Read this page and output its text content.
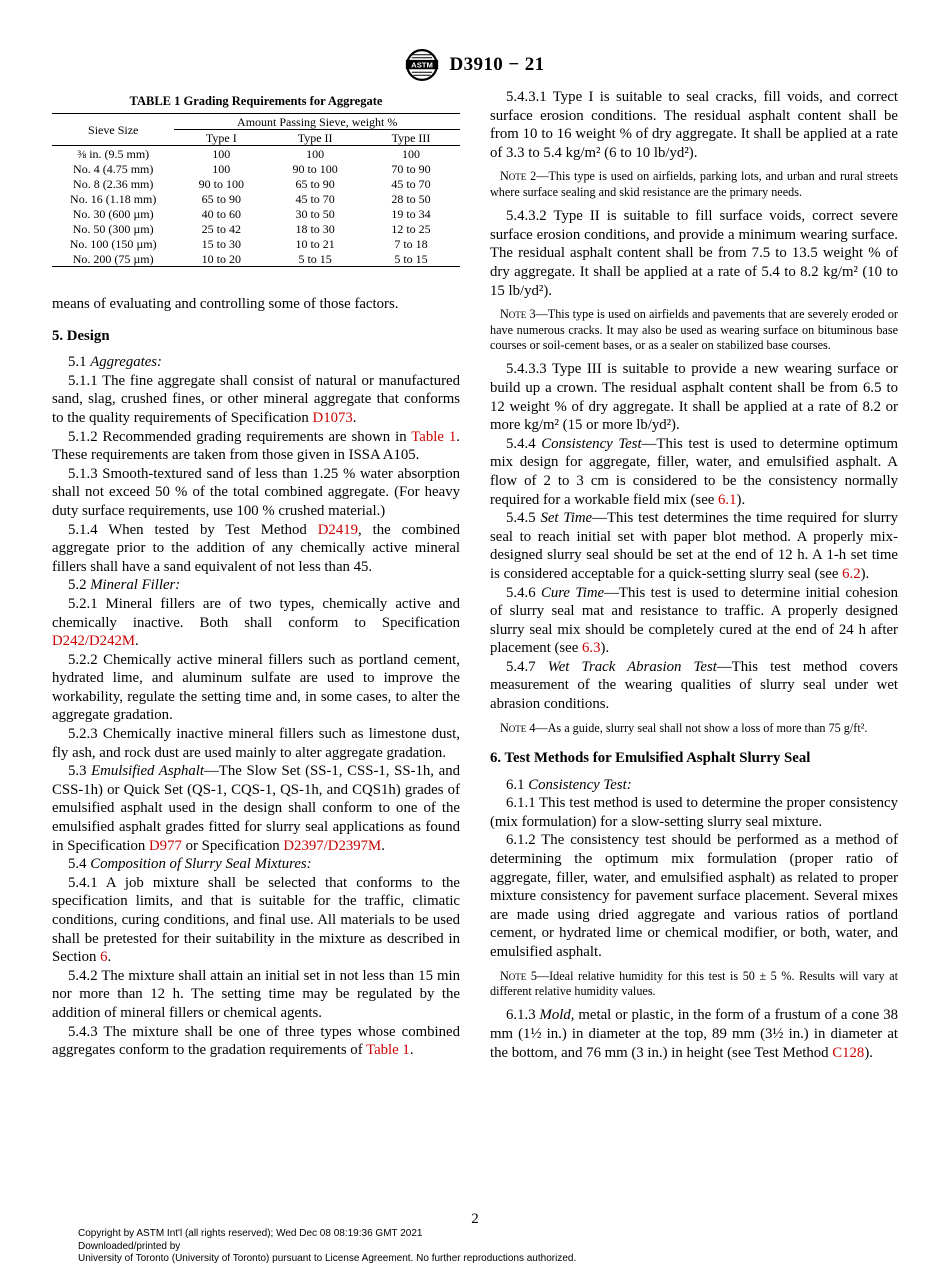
ASTM D3910 − 21
TABLE 1 Grading Requirements for Aggregate
Sieve Size	Amount Passing Sieve, weight %		
	Type I	Type II	Type III
⅜ in. (9.5 mm)	100	100	100
No. 4 (4.75 mm)	100	90 to 100	70 to 90
No. 8 (2.36 mm)	90 to 100	65 to 90	45 to 70
No. 16 (1.18 mm)	65 to 90	45 to 70	28 to 50
No. 30 (600 µm)	40 to 60	30 to 50	19 to 34
No. 50 (300 µm)	25 to 42	18 to 30	12 to 25
No. 100 (150 µm)	15 to 30	10 to 21	7 to 18
No. 200 (75 µm)	10 to 20	5 to 15	5 to 15

means of evaluating and controlling some of those factors.

5. Design

5.1 Aggregates:

5.1.1 The fine aggregate shall consist of natural or manufactured sand, slag, crushed fines, or other mineral aggregate that conforms to the quality requirements of Specification D1073.

5.1.2 Recommended grading requirements are shown in Table 1. These requirements are taken from those given in ISSA A105.

5.1.3 Smooth-textured sand of less than 1.25 % water absorption shall not exceed 50 % of the total combined aggregate. (For heavy duty surface requirements, use 100 % crushed material.)

5.1.4 When tested by Test Method D2419, the combined aggregate prior to the addition of any chemically active mineral fillers shall have a sand equivalent of not less than 45.

5.2 Mineral Filler:

5.2.1 Mineral fillers are of two types, chemically active and chemically inactive. Both shall conform to Specification D242/D242M.

5.2.2 Chemically active mineral fillers such as portland cement, hydrated lime, and aluminum sulfate are used to improve the workability, regulate the setting time and, in some cases, to alter the aggregate gradation.

5.2.3 Chemically inactive mineral fillers such as limestone dust, fly ash, and rock dust are used mainly to alter aggregate gradation.

5.3 Emulsified Asphalt—The Slow Set (SS-1, CSS-1, SS-1h, and CSS-1h) or Quick Set (QS-1, CQS-1, QS-1h, and CQS1h) grades of emulsified asphalt used in the design shall conform to one of the emulsified asphalt grades fitted for slurry seal applications as found in Specification D977 or Specification D2397/D2397M.

5.4 Composition of Slurry Seal Mixtures:

5.4.1 A job mixture shall be selected that conforms to the specification limits, and that is suitable for the traffic, climatic conditions, curing conditions, and final use. All materials to be used shall be pretested for their suitability in the mixture as described in Section 6.

5.4.2 The mixture shall attain an initial set in not less than 15 min nor more than 12 h. The setting time may be regulated by the addition of mineral fillers or chemical agents.

5.4.3 The mixture shall be one of three types whose combined aggregates conform to the gradation requirements of Table 1.

5.4.3.1 Type I is suitable to seal cracks, fill voids, and correct surface erosion conditions. The residual asphalt content shall be from 10 to 16 weight % of dry aggregate. It shall be applied at a rate of 3.3 to 5.4 kg/m² (6 to 10 lb/yd²).

Note 2—This type is used on airfields, parking lots, and urban and rural streets where surface sealing and skid resistance are the primary needs.

5.4.3.2 Type II is suitable to fill surface voids, correct severe surface erosion conditions, and provide a minimum wearing surface. The residual asphalt content shall be from 7.5 to 13.5 weight % of dry aggregate. It shall be applied at a rate of 5.4 to 8.2 kg/m² (10 to 15 lb/yd²).

Note 3—This type is used on airfields and pavements that are severely eroded or have numerous cracks. It may also be used as wearing surface on bituminous base courses or soil-cement bases, or as a sealer on stabilized base courses.

5.4.3.3 Type III is suitable to provide a new wearing surface or build up a crown. The residual asphalt content shall be from 6.5 to 12 weight % of dry aggregate. It shall be applied at a rate of 8.2 or more kg/m² (15 or more lb/yd²).

5.4.4 Consistency Test—This test is used to determine optimum mix design for aggregate, filler, water, and emulsified asphalt. A flow of 2 to 3 cm is considered to be the consistency normally required for a workable field mix (see 6.1).

5.4.5 Set Time—This test determines the time required for slurry seal to reach initial set with paper blot method. A properly mix-designed slurry seal should be set at the end of 12 h. A 1-h set time is considered acceptable for a quick-setting slurry seal (see 6.2).

5.4.6 Cure Time—This test is used to determine initial cohesion of slurry seal mat and resistance to traffic. A properly designed slurry seal mix should be completely cured at the end of 24 h after placement (see 6.3).

5.4.7 Wet Track Abrasion Test—This test method covers measurement of the wearing qualities of slurry seal under wet abrasion conditions.

Note 4—As a guide, slurry seal shall not show a loss of more than 75 g/ft².

6. Test Methods for Emulsified Asphalt Slurry Seal

6.1 Consistency Test:

6.1.1 This test method is used to determine the proper consistency (mix formulation) for a slow-setting slurry seal mixture.

6.1.2 The consistency test should be performed as a method of determining the optimum mix formulation (proper ratio of aggregate, filler, water, and emulsified asphalt) as related to proper mixture consistency for pavement surface placement. Several mixes are made using dried aggregate and various ratios of portland cement, or hydrated lime or chemical modifier, or both, water, and emulsified asphalt.

Note 5—Ideal relative humidity for this test is 50 ± 5 %. Results will vary at different relative humidity values.

6.1.3 Mold, metal or plastic, in the form of a frustum of a cone 38 mm (1½ in.) in diameter at the top, 89 mm (3½ in.) in diameter at the bottom, and 76 mm (3 in.) in height (see Test Method C128).

2
Copyright by ASTM Int'l (all rights reserved); Wed Dec 08 08:19:36 GMT 2021
Downloaded/printed by
University of Toronto (University of Toronto) pursuant to License Agreement. No further reproductions authorized.
